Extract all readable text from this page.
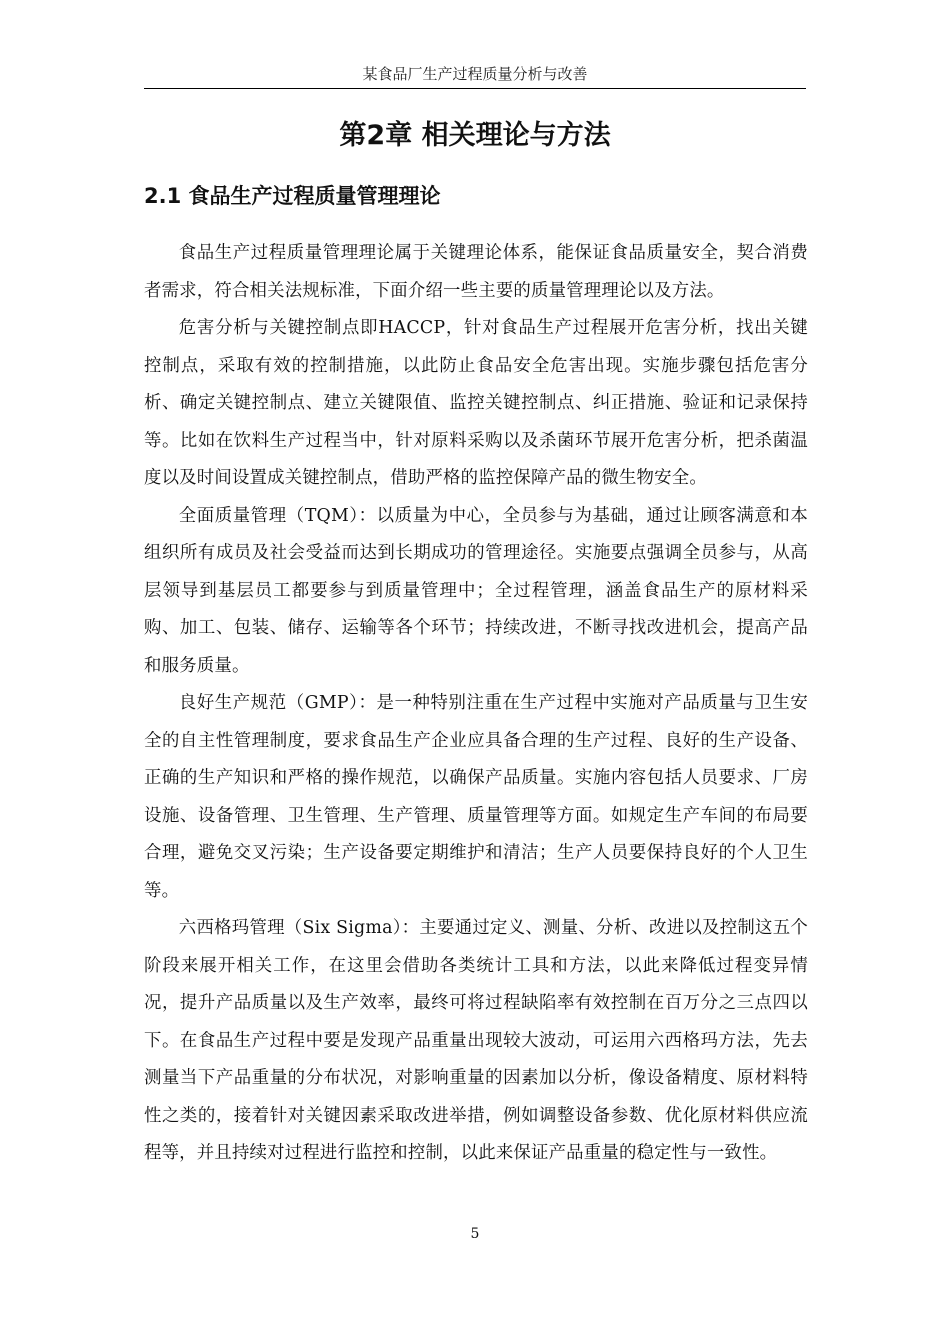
某食品厂生产过程质量分析与改善
第2章 相关理论与方法
2.1 食品生产过程质量管理理论

食品生产过程质量管理理论属于关键理论体系，能保证食品质量安全，契合消费者需求，符合相关法规标准，下面介绍一些主要的质量管理理论以及方法。

危害分析与关键控制点即HACCP，针对食品生产过程展开危害分析，找出关键控制点，采取有效的控制措施，以此防止食品安全危害出现。实施步骤包括危害分析、确定关键控制点、建立关键限值、监控关键控制点、纠正措施、验证和记录保持等。比如在饮料生产过程当中，针对原料采购以及杀菌环节展开危害分析，把杀菌温度以及时间设置成关键控制点，借助严格的监控保障产品的微生物安全。

全面质量管理（TQM）：以质量为中心，全员参与为基础，通过让顾客满意和本组织所有成员及社会受益而达到长期成功的管理途径。实施要点强调全员参与，从高层领导到基层员工都要参与到质量管理中；全过程管理，涵盖食品生产的原材料采购、加工、包装、储存、运输等各个环节；持续改进，不断寻找改进机会，提高产品和服务质量。

良好生产规范（GMP）：是一种特别注重在生产过程中实施对产品质量与卫生安全的自主性管理制度，要求食品生产企业应具备合理的生产过程、良好的生产设备、正确的生产知识和严格的操作规范，以确保产品质量。实施内容包括人员要求、厂房设施、设备管理、卫生管理、生产管理、质量管理等方面。如规定生产车间的布局要合理，避免交叉污染；生产设备要定期维护和清洁；生产人员要保持良好的个人卫生等。

六西格玛管理（Six Sigma）：主要通过定义、测量、分析、改进以及控制这五个阶段来展开相关工作，在这里会借助各类统计工具和方法，以此来降低过程变异情况，提升产品质量以及生产效率，最终可将过程缺陷率有效控制在百万分之三点四以下。在食品生产过程中要是发现产品重量出现较大波动，可运用六西格玛方法，先去测量当下产品重量的分布状况，对影响重量的因素加以分析，像设备精度、原材料特性之类的，接着针对关键因素采取改进举措，例如调整设备参数、优化原材料供应流程等，并且持续对过程进行监控和控制，以此来保证产品重量的稳定性与一致性。

5
